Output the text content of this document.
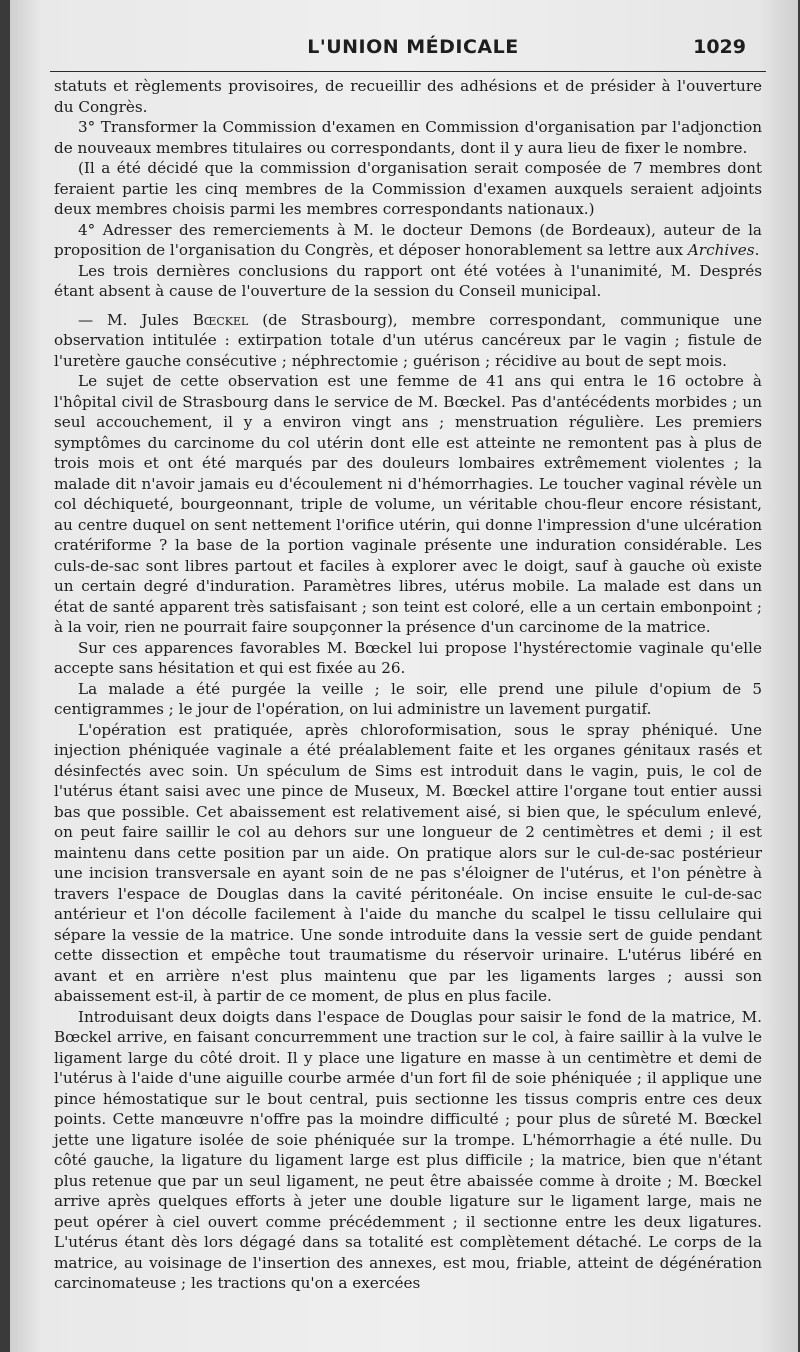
L'UNION MÉDICALE	1029

statuts et règlements provisoires, de recueillir des adhésions et de présider à l'ouverture du Congrès.

3° Transformer la Commission d'examen en Commission d'organisation par l'adjonction de nouveaux membres titulaires ou correspondants, dont il y aura lieu de fixer le nombre.

(Il a été décidé que la commission d'organisation serait composée de 7 membres dont feraient partie les cinq membres de la Commission d'examen auxquels seraient adjoints deux membres choisis parmi les membres correspondants nationaux.)

4° Adresser des remerciements à M. le docteur Demons (de Bordeaux), auteur de la proposition de l'organisation du Congrès, et déposer honorablement sa lettre aux Archives.

Les trois dernières conclusions du rapport ont été votées à l'unanimité, M. Després étant absent à cause de l'ouverture de la session du Conseil municipal.

— M. Jules Bœckel (de Strasbourg), membre correspondant, communique une observation intitulée : extirpation totale d'un utérus cancéreux par le vagin ; fistule de l'uretère gauche consécutive ; néphrectomie ; guérison ; récidive au bout de sept mois.

Le sujet de cette observation est une femme de 41 ans qui entra le 16 octobre à l'hôpital civil de Strasbourg dans le service de M. Bœckel. Pas d'antécédents morbides ; un seul accouchement, il y a environ vingt ans ; menstruation régulière. Les premiers symptômes du carcinome du col utérin dont elle est atteinte ne remontent pas à plus de trois mois et ont été marqués par des douleurs lombaires extrêmement violentes ; la malade dit n'avoir jamais eu d'écoulement ni d'hémorrhagies. Le toucher vaginal révèle un col déchiqueté, bourgeonnant, triple de volume, un véritable chou-fleur encore résistant, au centre duquel on sent nettement l'orifice utérin, qui donne l'impression d'une ulcération cratériforme ? la base de la portion vaginale présente une induration considérable. Les culs-de-sac sont libres partout et faciles à explorer avec le doigt, sauf à gauche où existe un certain degré d'induration. Paramètres libres, utérus mobile. La malade est dans un état de santé apparent très satisfaisant ; son teint est coloré, elle a un certain embonpoint ; à la voir, rien ne pourrait faire soupçonner la présence d'un carcinome de la matrice.

Sur ces apparences favorables M. Bœckel lui propose l'hystérectomie vaginale qu'elle accepte sans hésitation et qui est fixée au 26.

La malade a été purgée la veille ; le soir, elle prend une pilule d'opium de 5 centigrammes ; le jour de l'opération, on lui administre un lavement purgatif.

L'opération est pratiquée, après chloroformisation, sous le spray phéniqué. Une injection phéniquée vaginale a été préalablement faite et les organes génitaux rasés et désinfectés avec soin. Un spéculum de Sims est introduit dans le vagin, puis, le col de l'utérus étant saisi avec une pince de Museux, M. Bœckel attire l'organe tout entier aussi bas que possible. Cet abaissement est relativement aisé, si bien que, le spéculum enlevé, on peut faire saillir le col au dehors sur une longueur de 2 centimètres et demi ; il est maintenu dans cette position par un aide. On pratique alors sur le cul-de-sac postérieur une incision transversale en ayant soin de ne pas s'éloigner de l'utérus, et l'on pénètre à travers l'espace de Douglas dans la cavité péritonéale. On incise ensuite le cul-de-sac antérieur et l'on décolle facilement à l'aide du manche du scalpel le tissu cellulaire qui sépare la vessie de la matrice. Une sonde introduite dans la vessie sert de guide pendant cette dissection et empêche tout traumatisme du réservoir urinaire. L'utérus libéré en avant et en arrière n'est plus maintenu que par les ligaments larges ; aussi son abaissement est-il, à partir de ce moment, de plus en plus facile.

Introduisant deux doigts dans l'espace de Douglas pour saisir le fond de la matrice, M. Bœckel arrive, en faisant concurremment une traction sur le col, à faire saillir à la vulve le ligament large du côté droit. Il y place une ligature en masse à un centimètre et demi de l'utérus à l'aide d'une aiguille courbe armée d'un fort fil de soie phéniquée ; il applique une pince hémostatique sur le bout central, puis sectionne les tissus compris entre ces deux points. Cette manœuvre n'offre pas la moindre difficulté ; pour plus de sûreté M. Bœckel jette une ligature isolée de soie phéniquée sur la trompe. L'hémorrhagie a été nulle. Du côté gauche, la ligature du ligament large est plus difficile ; la matrice, bien que n'étant plus retenue que par un seul ligament, ne peut être abaissée comme à droite ; M. Bœckel arrive après quelques efforts à jeter une double ligature sur le ligament large, mais ne peut opérer à ciel ouvert comme précédemment ; il sectionne entre les deux ligatures. L'utérus étant dès lors dégagé dans sa totalité est complètement détaché. Le corps de la matrice, au voisinage de l'insertion des annexes, est mou, friable, atteint de dégénération carcinomateuse ; les tractions qu'on a exercées
